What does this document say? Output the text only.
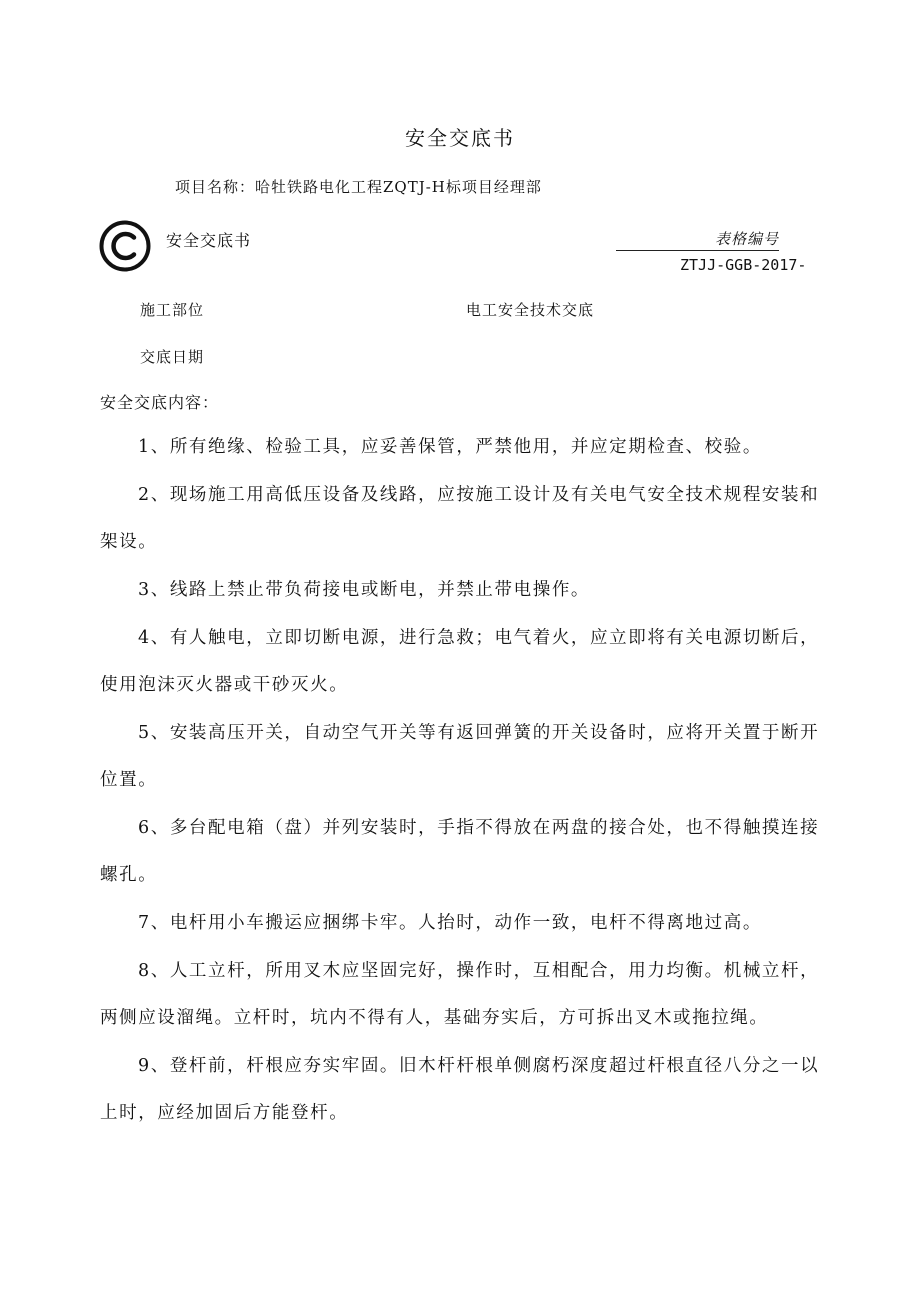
安全交底书
项目名称：哈牡铁路电化工程ZQTJ-H标项目经理部
安全交底书	表格编号
ZTJJ-GGB-2017-
施工部位	电工安全技术交底
交底日期
安全交底内容：

1、所有绝缘、检验工具，应妥善保管，严禁他用，并应定期检查、校验。

2、现场施工用高低压设备及线路，应按施工设计及有关电气安全技术规程安装和架设。

3、线路上禁止带负荷接电或断电，并禁止带电操作。

4、有人触电，立即切断电源，进行急救；电气着火，应立即将有关电源切断后，使用泡沫灭火器或干砂灭火。

5、安装高压开关，自动空气开关等有返回弹簧的开关设备时，应将开关置于断开位置。

6、多台配电箱（盘）并列安装时，手指不得放在两盘的接合处，也不得触摸连接螺孔。

7、电杆用小车搬运应捆绑卡牢。人抬时，动作一致，电杆不得离地过高。

8、人工立杆，所用叉木应坚固完好，操作时，互相配合，用力均衡。机械立杆，两侧应设溜绳。立杆时，坑内不得有人，基础夯实后，方可拆出叉木或拖拉绳。

9、登杆前，杆根应夯实牢固。旧木杆杆根单侧腐朽深度超过杆根直径八分之一以上时，应经加固后方能登杆。
